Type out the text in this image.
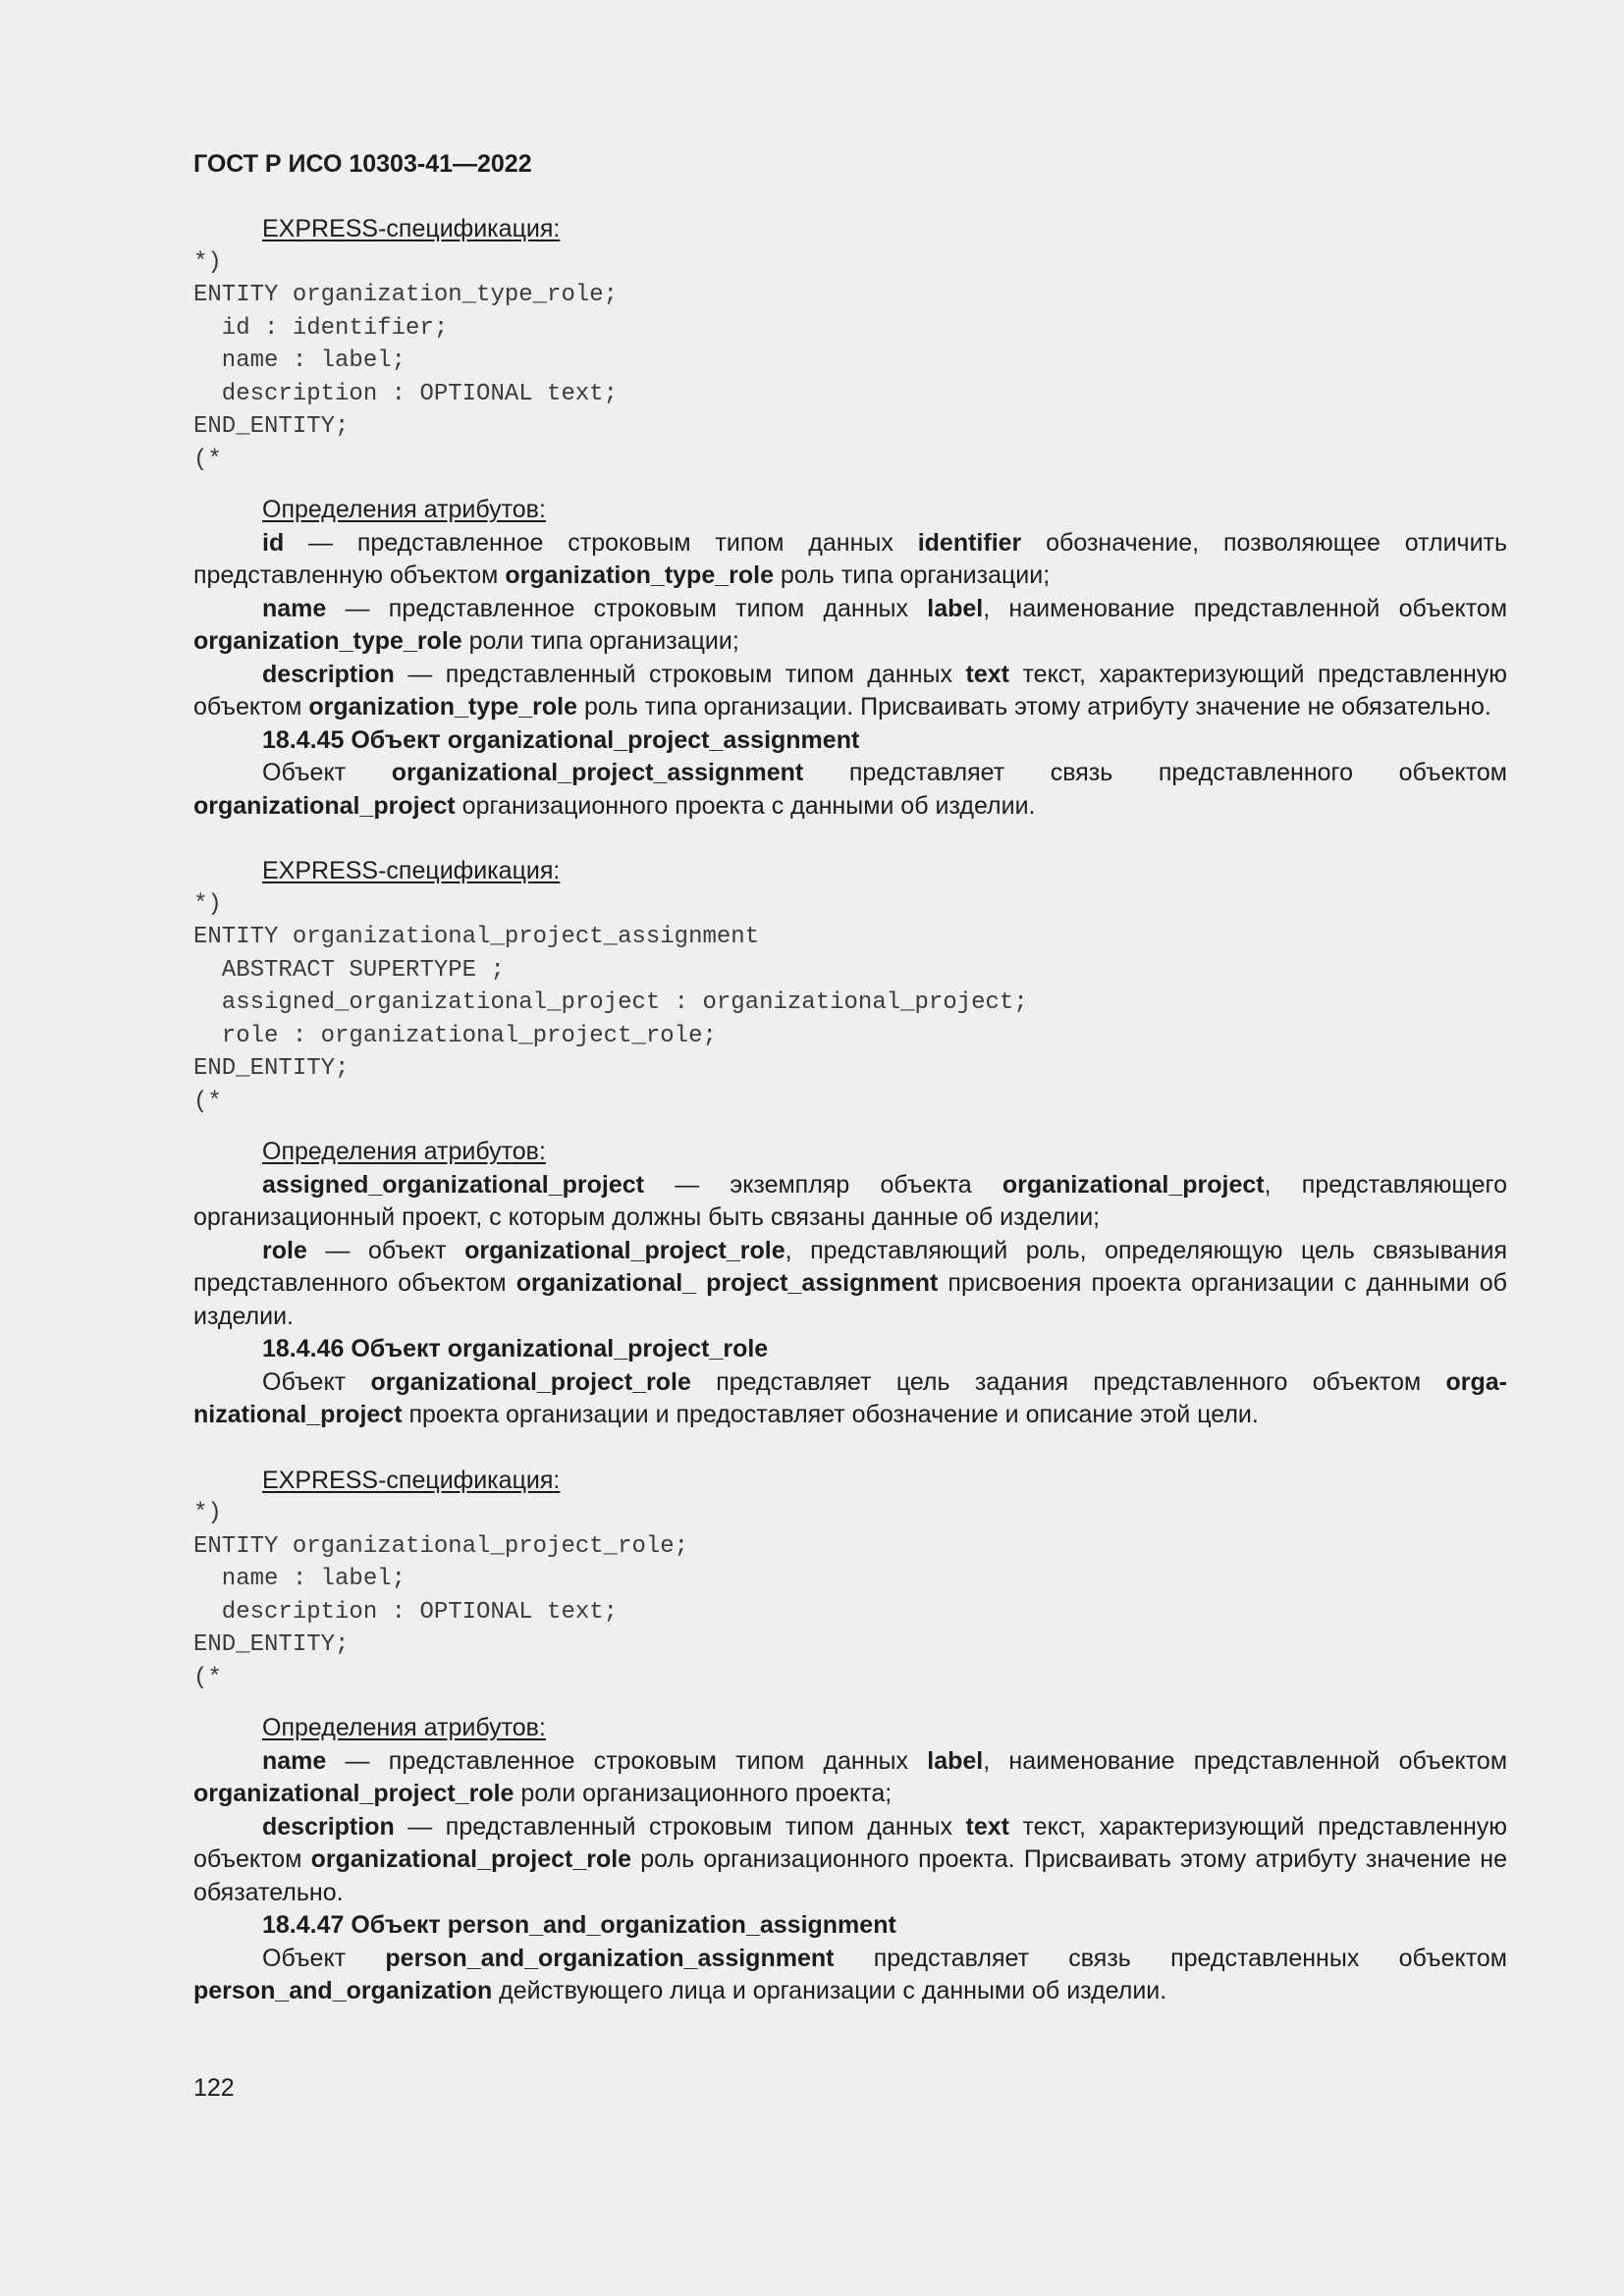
ГОСТ Р ИСО 10303-41—2022

EXPRESS-спецификация:

*)
ENTITY organization_type_role;
id : identifier;
name : label;
description : OPTIONAL text;
END_ENTITY;
(*

Определения атрибутов:

id — представленное строковым типом данных identifier обозначение, позволяющее отличить представленную объектом organization_type_role роль типа организации;

name — представленное строковым типом данных label, наименование представленной объектом organization_type_role роли типа организации;

description — представленный строковым типом данных text текст, характеризующий представленную объектом organization_type_role роль типа организации. Присваивать этому атрибуту значение не обязательно.

18.4.45 Объект organizational_project_assignment

Объект organizational_project_assignment представляет связь представленного объектом organizational_project организационного проекта с данными об изделии.

EXPRESS-спецификация:

*)
ENTITY organizational_project_assignment
ABSTRACT SUPERTYPE ;
assigned_organizational_project : organizational_project;
role : organizational_project_role;
END_ENTITY;
(*

Определения атрибутов:

assigned_organizational_project — экземпляр объекта organizational_project, представляющего организационный проект, с которым должны быть связаны данные об изделии;

role — объект organizational_project_role, представляющий роль, определяющую цель связывания представленного объектом organizational_ project_assignment присвоения проекта организации с данными об изделии.

18.4.46 Объект organizational_project_role

Объект organizational_project_role представляет цель задания представленного объектом organizational_project проекта организации и предоставляет обозначение и описание этой цели.

EXPRESS-спецификация:

*)
ENTITY organizational_project_role;
name : label;
description : OPTIONAL text;
END_ENTITY;
(*

Определения атрибутов:

name — представленное строковым типом данных label, наименование представленной объектом organizational_project_role роли организационного проекта;

description — представленный строковым типом данных text текст, характеризующий представленную объектом organizational_project_role роль организационного проекта. Присваивать этому атрибуту значение не обязательно.

18.4.47 Объект person_and_organization_assignment

Объект person_and_organization_assignment представляет связь представленных объектом person_and_organization действующего лица и организации с данными об изделии.

122
